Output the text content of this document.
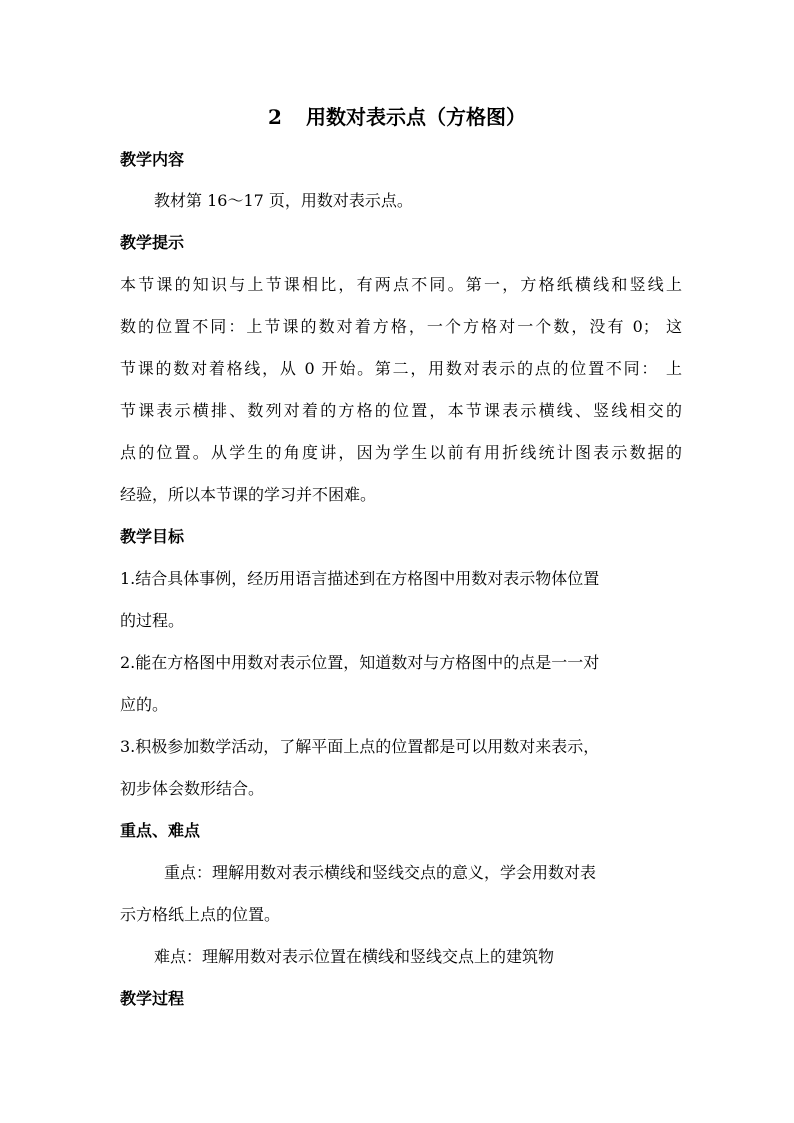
2 用数对表示点（方格图）
教学内容
教材第 16～17 页，用数对表示点。
教学提示
本节课的知识与上节课相比，有两点不同。第一，方格纸横线和竖线上
数的位置不同：上节课的数对着方格，一个方格对一个数，没有 0； 这
节课的数对着格线，从 0 开始。第二，用数对表示的点的位置不同： 上
节课表示横排、数列对着的方格的位置，本节课表示横线、竖线相交的
点的位置。从学生的角度讲，因为学生以前有用折线统计图表示数据的
经验，所以本节课的学习并不困难。
教学目标
1.结合具体事例，经历用语言描述到在方格图中用数对表示物体位置
的过程。
2.能在方格图中用数对表示位置，知道数对与方格图中的点是一一对
应的。
3.积极参加数学活动，了解平面上点的位置都是可以用数对来表示，
初步体会数形结合。
重点、难点
重点：理解用数对表示横线和竖线交点的意义，学会用数对表
示方格纸上点的位置。
难点：理解用数对表示位置在横线和竖线交点上的建筑物
教学过程
